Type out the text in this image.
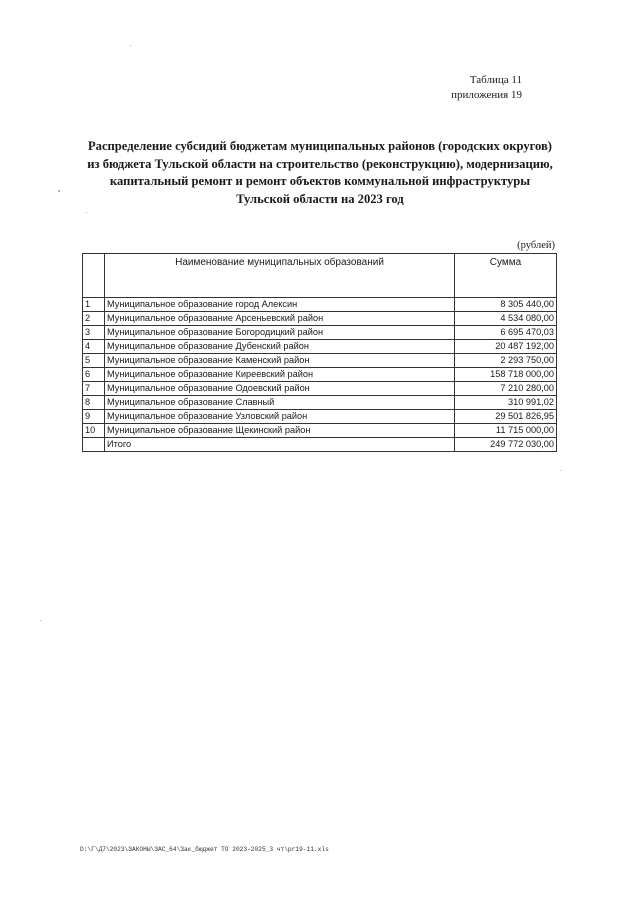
Таблица 11
приложения 19
Распределение субсидий бюджетам муниципальных районов (городских округов)
из бюджета Тульской области на строительство (реконструкцию), модернизацию,
капитальный ремонт и ремонт объектов коммунальной инфраструктуры
Тульской области на 2023 год
(рублей)
	Наименование муниципальных образований	Сумма
1	Муниципальное образование город Алексин	8 305 440,00
2	Муниципальное образование Арсеньевский район	4 534 080,00
3	Муниципальное образование Богородицкий район	6 695 470,03
4	Муниципальное образование Дубенский район	20 487 192,00
5	Муниципальное образование Каменский район	2 293 750,00
6	Муниципальное образование Киреевский район	158 718 000,00
7	Муниципальное образование Одоевский район	7 210 280,00
8	Муниципальное образование Славный	310 991,02
9	Муниципальное образование Узловский район	29 501 826,95
10	Муниципальное образование Щекинский район	11 715 000,00
	Итого	249 772 030,00
D:\Г\Д7\2023\ЗАКОНЫ\ЗАС_64\Зак_бюджет ТО 2023-2025_3 чт\pr19-11.xls
